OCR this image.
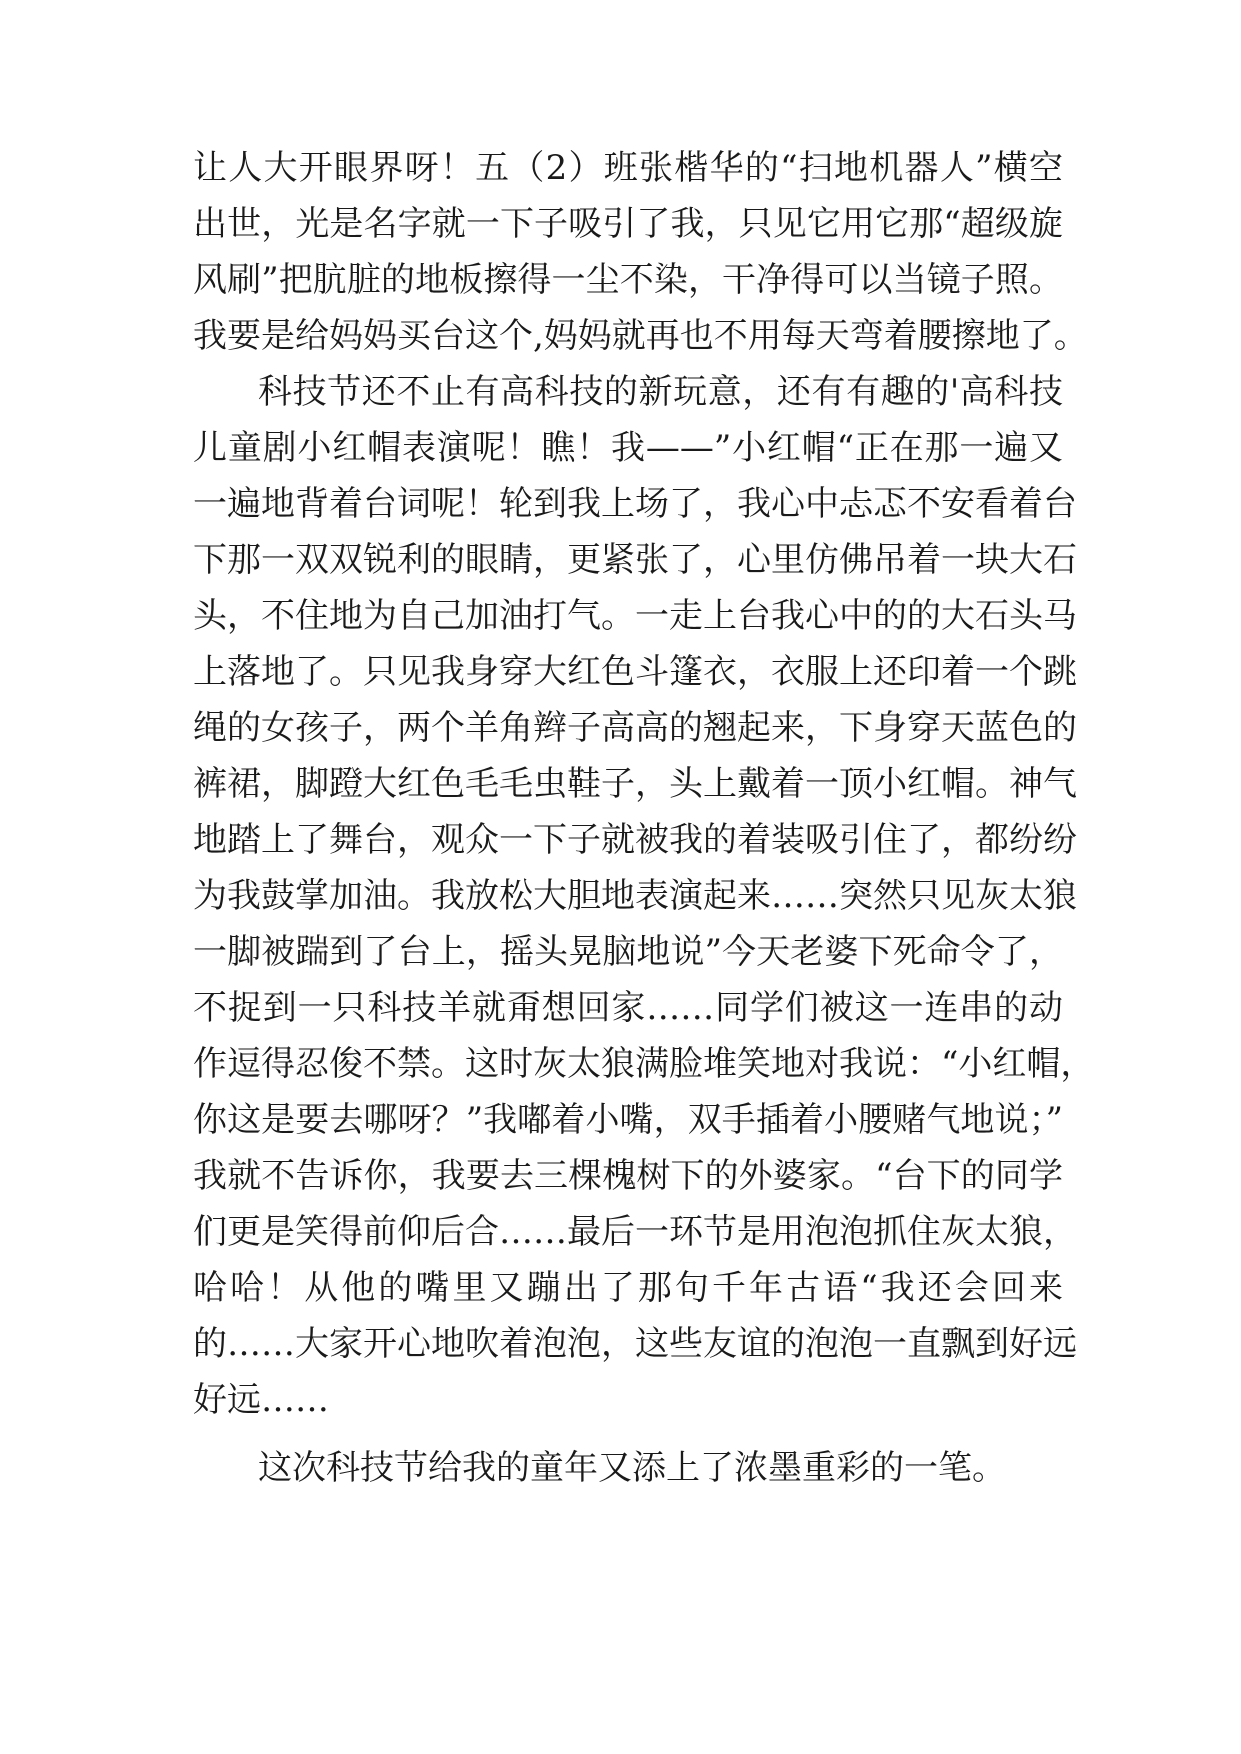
让人大开眼界呀！五（2）班张楷华的“扫地机器人”横空
出世，光是名字就一下子吸引了我，只见它用它那“超级旋
风刷”把肮脏的地板擦得一尘不染，干净得可以当镜子照。
我要是给妈妈买台这个,妈妈就再也不用每天弯着腰擦地了。
科技节还不止有高科技的新玩意，还有有趣的'高科技
儿童剧小红帽表演呢！瞧！我——”小红帽“正在那一遍又
一遍地背着台词呢！轮到我上场了，我心中忐忑不安看着台
下那一双双锐利的眼睛，更紧张了，心里仿佛吊着一块大石
头，不住地为自己加油打气。一走上台我心中的的大石头马
上落地了。只见我身穿大红色斗篷衣，衣服上还印着一个跳
绳的女孩子，两个羊角辫子高高的翘起来，下身穿天蓝色的
裤裙，脚蹬大红色毛毛虫鞋子，头上戴着一顶小红帽。神气
地踏上了舞台，观众一下子就被我的着装吸引住了，都纷纷
为我鼓掌加油。我放松大胆地表演起来……突然只见灰太狼
一脚被踹到了台上，摇头晃脑地说”今天老婆下死命令了，
不捉到一只科技羊就甭想回家……同学们被这一连串的动
作逗得忍俊不禁。这时灰太狼满脸堆笑地对我说：“小红帽，
你这是要去哪呀？”我嘟着小嘴，双手插着小腰赌气地说；”
我就不告诉你，我要去三棵槐树下的外婆家。“台下的同学
们更是笑得前仰后合……最后一环节是用泡泡抓住灰太狼，
哈哈！从他的嘴里又蹦出了那句千年古语“我还会回来
的……大家开心地吹着泡泡，这些友谊的泡泡一直飘到好远
好远……
这次科技节给我的童年又添上了浓墨重彩的一笔。
